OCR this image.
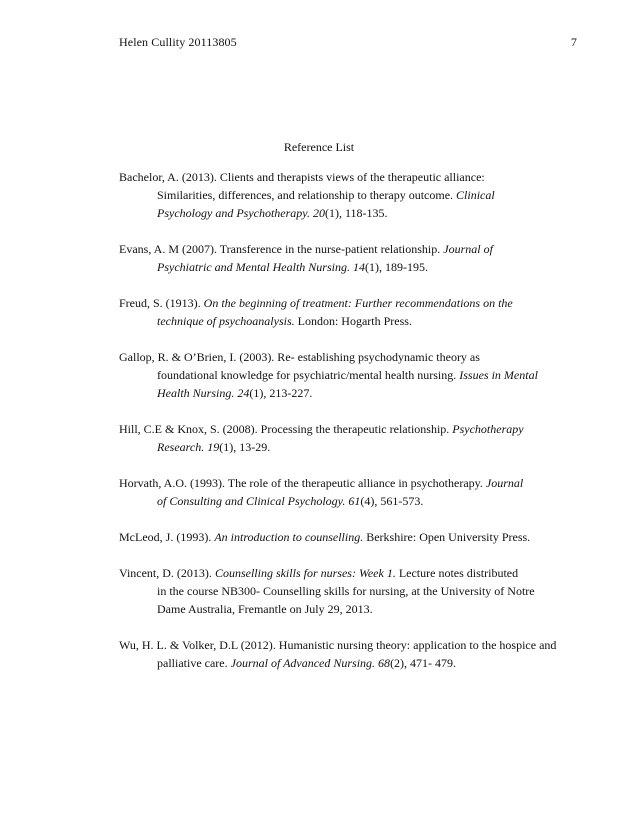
Helen Cullity 20113805	7
Reference List
Bachelor, A. (2013). Clients and therapists views of the therapeutic alliance:
Similarities, differences, and relationship to therapy outcome. Clinical
Psychology and Psychotherapy. 20(1), 118-135.
Evans, A. M (2007). Transference in the nurse-patient relationship. Journal of
Psychiatric and Mental Health Nursing. 14(1), 189-195.
Freud, S. (1913). On the beginning of treatment: Further recommendations on the
technique of psychoanalysis. London: Hogarth Press.
Gallop, R. & O’Brien, I. (2003). Re- establishing psychodynamic theory as
foundational knowledge for psychiatric/mental health nursing. Issues in Mental
Health Nursing. 24(1), 213-227.
Hill, C.E & Knox, S. (2008). Processing the therapeutic relationship. Psychotherapy
Research. 19(1), 13-29.
Horvath, A.O. (1993). The role of the therapeutic alliance in psychotherapy. Journal
of Consulting and Clinical Psychology. 61(4), 561-573.
McLeod, J. (1993). An introduction to counselling. Berkshire: Open University Press.
Vincent, D. (2013). Counselling skills for nurses: Week 1. Lecture notes distributed
in the course NB300- Counselling skills for nursing, at the University of Notre
Dame Australia, Fremantle on July 29, 2013.
Wu, H. L. & Volker, D.L (2012). Humanistic nursing theory: application to the hospice and
palliative care. Journal of Advanced Nursing. 68(2), 471- 479.
